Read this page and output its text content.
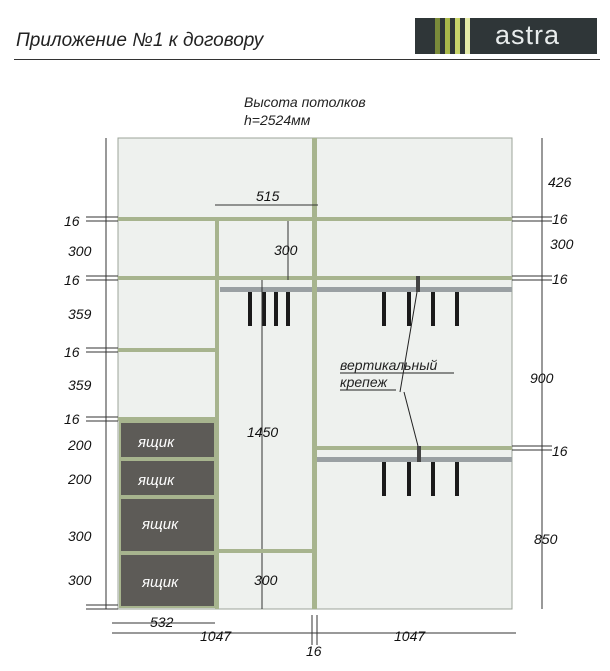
Приложение №1 к договору	astra
Высота потолков
h=2524мм
ящик
ящик
ящик
ящик
вертикальный
крепеж
16
300
16
359
16
359
16
200
200
300
300
426
16
300
16
900
16
850
515
300
1450
300
532
1047	1047
16
